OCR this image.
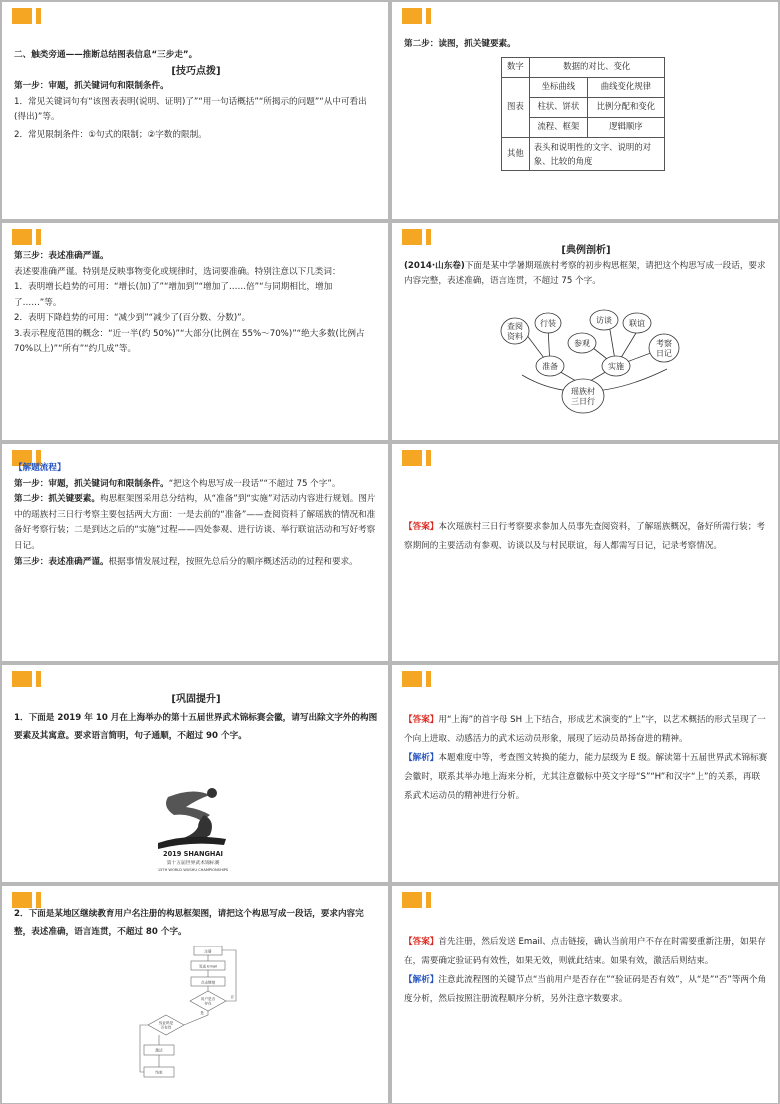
二、触类旁通——推断总结图表信息“三步走”。

[技巧点拨]

第一步：审题，抓关键词句和限制条件。

1．常见关键词句有“该图表表明(说明、证明)了”“用一句话概括”“所揭示的问题”“从中可看出(得出)”等。

2．常见限制条件：①句式的限制；②字数的限制。

第二步：读图，抓关键要素。

数字	数据的对比、变化	
图表	坐标曲线	曲线变化规律
	柱状、饼状	比例分配和变化
	流程、框架	逻辑顺序
其他	表头和说明性的文字、说明的对象、比较的角度	

第三步：表述准确严谨。

表述要准确严谨。特别是反映事物变化或规律时，选词要准确。特别注意以下几类词：

1．表明增长趋势的可用：“增长(加)了”“增加到”“增加了……倍”“与同期相比，增加了……”等。

2．表明下降趋势的可用：“减少到”“减少了(百分数、分数)”。

3.表示程度范围的概念：“近一半(约 50%)”“大部分(比例在 55%～70%)”“绝大多数(比例占 70%以上)”“所有”“约几成”等。

[典例剖析]

(2014·山东卷)下面是某中学暑期瑶族村考察的初步构思框架，请把这个构思写成一段话，要求内容完整，表述准确，语言连贯，不超过 75 个字。

查阅
资料
行装
准备
访谈 联谊
参观
实施
考察
日记
瑶族村
三日行

【解题流程】

第一步：审题，抓关键词句和限制条件。“把这个构思写成一段话”“不超过 75 个字”。

第二步：抓关键要素。构思框架图采用总分结构，从“准备”到“实施”对活动内容进行规划。图片中的瑶族村三日行考察主要包括两大方面：一是去前的“准备”——查阅资料了解瑶族的情况和准备好考察行装；二是到达之后的“实施”过程——四处参观、进行访谈、举行联谊活动和写好考察日记。

第三步：表述准确严谨。根据事情发展过程，按照先总后分的顺序概述活动的过程和要求。

【答案】本次瑶族村三日行考察要求参加人员事先查阅资料，了解瑶族概况，备好所需行装；考察期间的主要活动有参观、访谈以及与村民联谊，每人都需写日记，记录考察情况。

[巩固提升]

1．下面是 2019 年 10 月在上海举办的第十五届世界武术锦标赛会徽，请写出除文字外的构图要素及其寓意。要求语言简明，句子通顺，不超过 90 个字。

2019 SHANGHAI
第十五届世界武术锦标赛
15TH WORLD WUSHU CHAMPIONSHIPS

【答案】用“上海”的首字母 SH 上下结合，形成艺术演变的“上”字，以艺术概括的形式呈现了一个向上进取、动感活力的武术运动员形象，展现了运动员昂扬奋进的精神。

【解析】本题难度中等，考查图文转换的能力，能力层级为 E 级。解读第十五届世界武术锦标赛会徽时，联系其举办地上海来分析，尤其注意徽标中英文字母“S”“H”和汉字“上”的关系，再联系武术运动员的精神进行分析。

2．下面是某地区继续教育用户名注册的构思框架图，请把这个构思写成一段话，要求内容完整，表述准确，语言连贯，不超过 80 个字。

注册
发送 Email
点击链接
用户是否
存在
验证码是
否有效
激活
结束
是
否

【答案】首先注册，然后发送 Email、点击链接，确认当前用户不存在时需要重新注册，如果存在，需要确定验证码有效性，如果无效，则就此结束。如果有效，激活后则结束。

【解析】注意此流程图的关键节点“当前用户是否存在”“验证码是否有效”，从“是”“否”等两个角度分析，然后按照注册流程顺序分析，另外注意字数要求。
